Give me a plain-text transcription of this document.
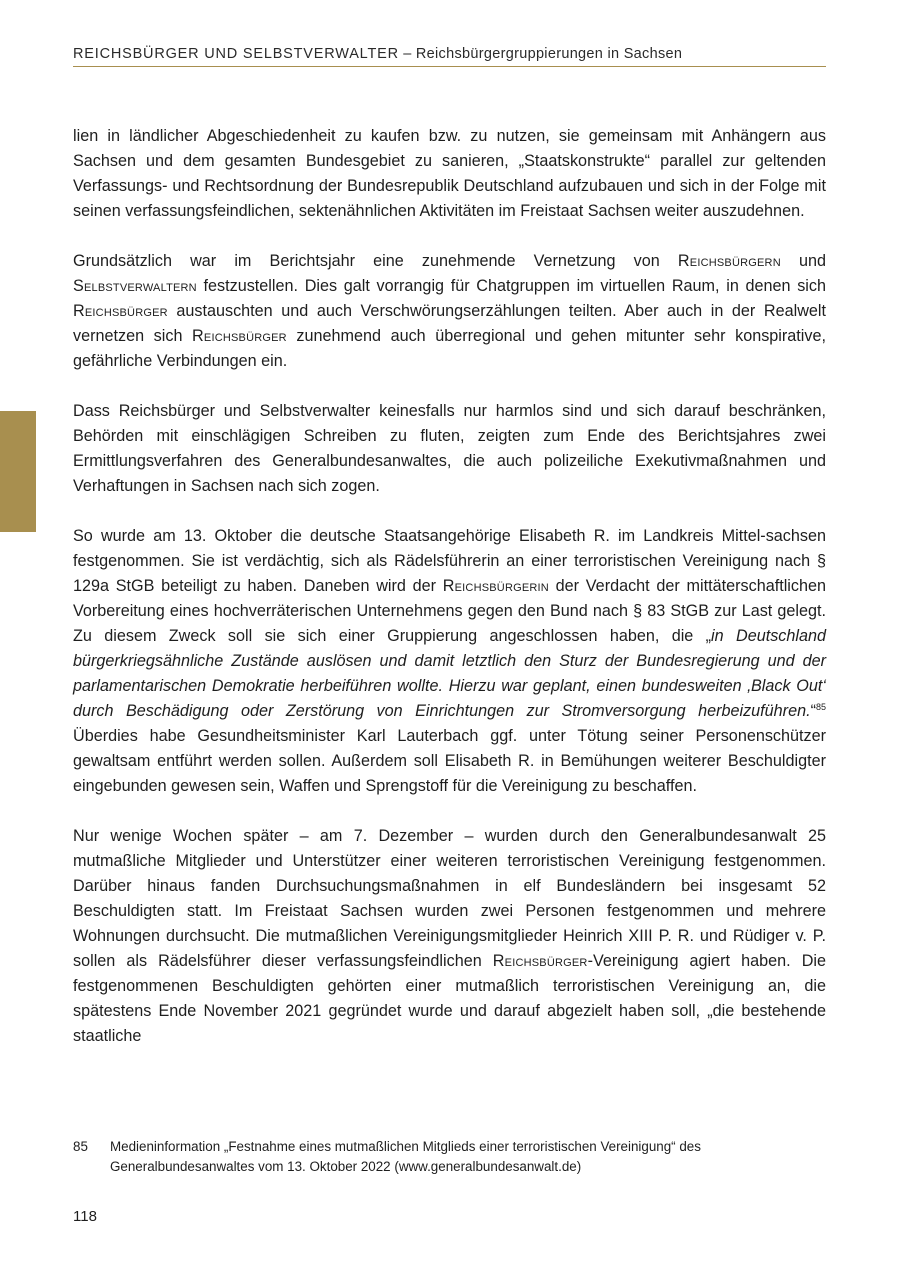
REICHSBÜRGER UND SELBSTVERWALTER – Reichsbürgergruppierungen in Sachsen

lien in ländlicher Abgeschiedenheit zu kaufen bzw. zu nutzen, sie gemeinsam mit Anhängern aus Sachsen und dem gesamten Bundesgebiet zu sanieren, „Staatskonstrukte“ parallel zur geltenden Verfassungs- und Rechtsordnung der Bundesrepublik Deutschland aufzubauen und sich in der Folge mit seinen verfassungsfeindlichen, sektenähnlichen Aktivitäten im Freistaat Sachsen weiter auszudehnen.

Grundsätzlich war im Berichtsjahr eine zunehmende Vernetzung von Reichsbürgern und Selbstverwaltern festzustellen. Dies galt vorrangig für Chatgruppen im virtuellen Raum, in denen sich Reichsbürger austauschten und auch Verschwörungserzählungen teilten. Aber auch in der Realwelt vernetzen sich Reichsbürger zunehmend auch überregional und gehen mitunter sehr konspirative, gefährliche Verbindungen ein.

Dass Reichsbürger und Selbstverwalter keinesfalls nur harmlos sind und sich darauf beschränken, Behörden mit einschlägigen Schreiben zu fluten, zeigten zum Ende des Berichtsjahres zwei Ermittlungsverfahren des Generalbundesanwaltes, die auch polizeiliche Exekutivmaßnahmen und Verhaftungen in Sachsen nach sich zogen.

So wurde am 13. Oktober die deutsche Staatsangehörige Elisabeth R. im Landkreis Mittel-sachsen festgenommen. Sie ist verdächtig, sich als Rädelsführerin an einer terroristischen Vereinigung nach § 129a StGB beteiligt zu haben. Daneben wird der Reichsbürgerin der Verdacht der mittäterschaftlichen Vorbereitung eines hochverräterischen Unternehmens gegen den Bund nach § 83 StGB zur Last gelegt. Zu diesem Zweck soll sie sich einer Gruppierung angeschlossen haben, die „in Deutschland bürgerkriegsähnliche Zustände auslösen und damit letztlich den Sturz der Bundesregierung und der parlamentarischen Demokratie herbeiführen wollte. Hierzu war geplant, einen bundesweiten ‚Black Out‘ durch Beschädigung oder Zerstörung von Einrichtungen zur Stromversorgung herbeizuführen.“$^{85}$ Überdies habe Gesundheitsminister Karl Lauterbach ggf. unter Tötung seiner Personenschützer gewaltsam entführt werden sollen. Außerdem soll Elisabeth R. in Bemühungen weiterer Beschuldigter eingebunden gewesen sein, Waffen und Sprengstoff für die Vereinigung zu beschaffen.

Nur wenige Wochen später – am 7. Dezember – wurden durch den Generalbundesanwalt 25 mutmaßliche Mitglieder und Unterstützer einer weiteren terroristischen Vereinigung festgenommen. Darüber hinaus fanden Durchsuchungsmaßnahmen in elf Bundesländern bei insgesamt 52 Beschuldigten statt. Im Freistaat Sachsen wurden zwei Personen festgenommen und mehrere Wohnungen durchsucht. Die mutmaßlichen Vereinigungsmitglieder Heinrich XIII P. R. und Rüdiger v. P. sollen als Rädelsführer dieser verfassungsfeindlichen Reichsbürger-Vereinigung agiert haben. Die festgenommenen Beschuldigten gehörten einer mutmaßlich terroristischen Vereinigung an, die spätestens Ende November 2021 gegründet wurde und darauf abgezielt haben soll, „die bestehende staatliche

85	Medieninformation „Festnahme eines mutmaßlichen Mitglieds einer terroristischen Vereinigung“ des Generalbundesanwaltes vom 13. Oktober 2022 (www.generalbundesanwalt.de)
118
